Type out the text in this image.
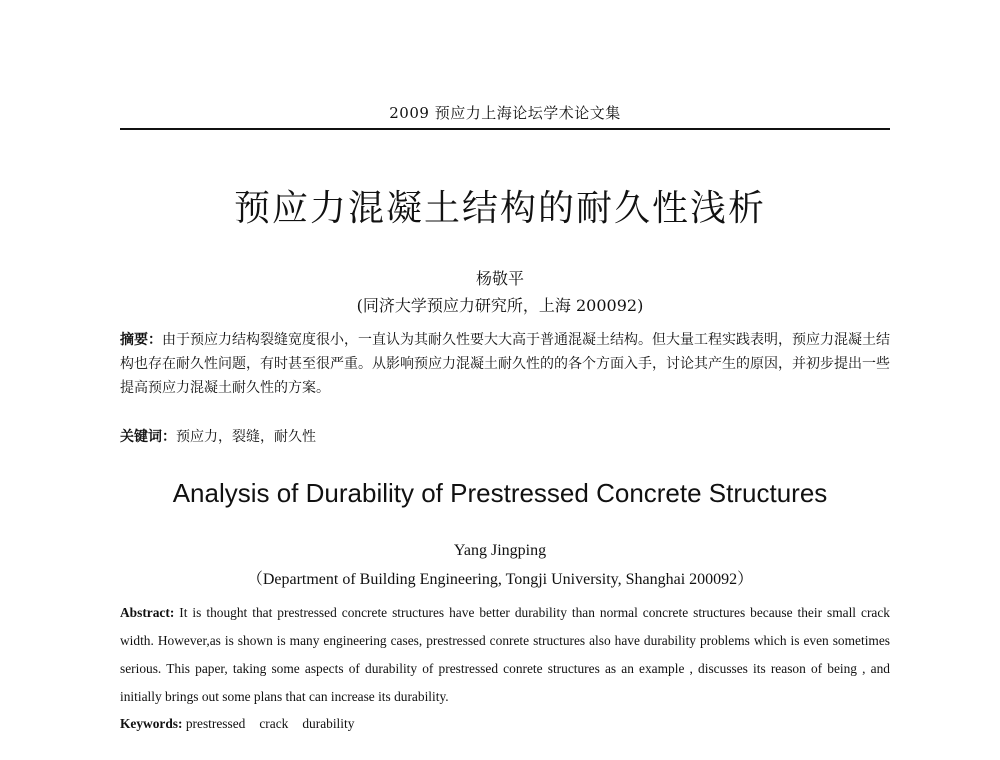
2009 预应力上海论坛学术论文集
预应力混凝土结构的耐久性浅析
杨敬平
(同济大学预应力研究所，上海 200092)
摘要：由于预应力结构裂缝宽度很小，一直认为其耐久性要大大高于普通混凝土结构。但大量工程实践表明，预应力混凝土结构也存在耐久性问题，有时甚至很严重。从影响预应力混凝土耐久性的的各个方面入手，讨论其产生的原因，并初步提出一些提高预应力混凝土耐久性的方案。
关键词：预应力，裂缝，耐久性
Analysis of Durability of Prestressed Concrete Structures
Yang Jingping
（Department of Building Engineering, Tongji University, Shanghai 200092）
Abstract: It is thought that prestressed concrete structures have better durability than normal concrete structures because their small crack width. However,as is shown is many engineering cases, prestressed conrete structures also have durability problems which is even sometimes serious. This paper, taking some aspects of durability of prestressed conrete structures as an example , discusses its reason of being , and initially brings out some plans that can increase its durability.
Keywords: prestressed crack durability
